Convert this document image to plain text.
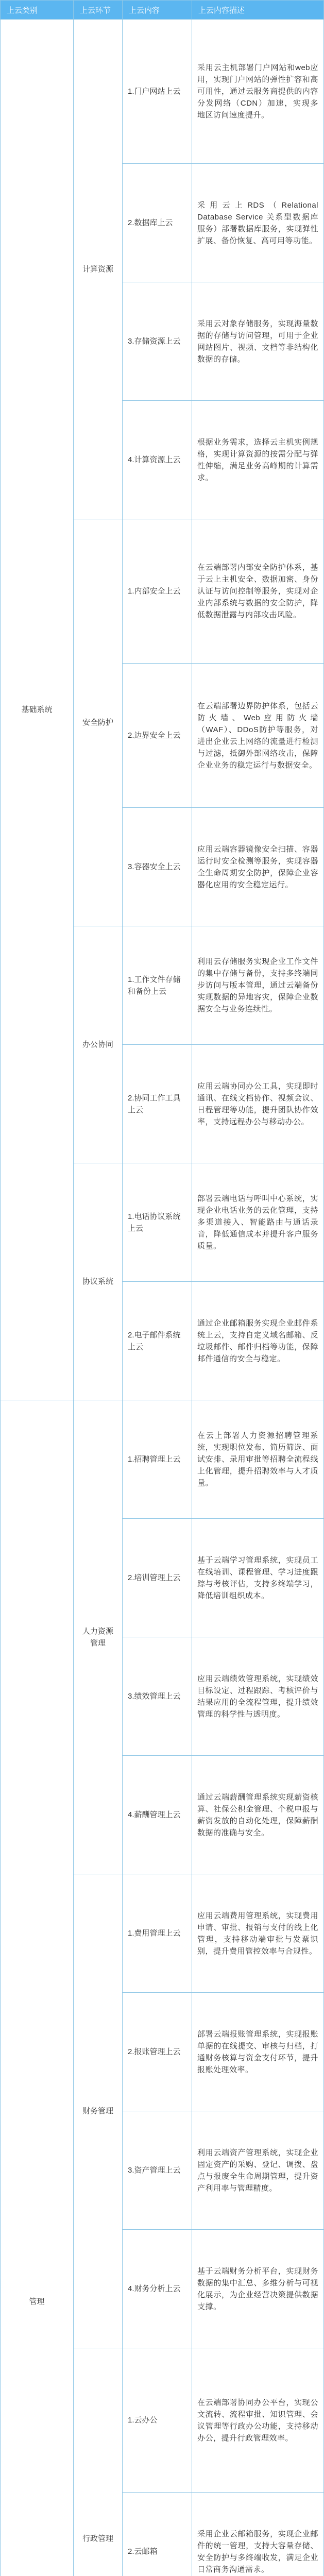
上云类别	上云环节	上云内容	上云内容描述
基础系统	计算资源	1.门户网站上云	采用云主机部署门户网站和web应用，实现门户网站的弹性扩容和高可用性，通过云服务商提供的内容分发网络（CDN）加速，实现多地区访问速度提升。
		2.数据库上云	采用云上RDS（Relational Database Service 关系型数据库服务）部署数据库服务，实现弹性扩展、备份恢复、高可用等功能。
		3.存储资源上云	采用云对象存储服务，实现海量数据的存储与访问管理，可用于企业网站图片、视频、文档等非结构化数据的存储。
		4.计算资源上云	根据业务需求，选择云主机实例规格，实现计算资源的按需分配与弹性伸缩，满足业务高峰期的计算需求。
	安全防护	1.内部安全上云	在云端部署内部安全防护体系，基于云上主机安全、数据加密、身份认证与访问控制等服务，实现对企业内部系统与数据的安全防护，降低数据泄露与内部攻击风险。
		2.边界安全上云	在云端部署边界防护体系，包括云防火墙、Web应用防火墙（WAF）、DDoS防护等服务，对进出企业云上网络的流量进行检测与过滤，抵御外部网络攻击，保障企业业务的稳定运行与数据安全。
		3.容器安全上云	应用云端容器镜像安全扫描、容器运行时安全检测等服务，实现容器全生命周期安全防护，保障企业容器化应用的安全稳定运行。
	办公协同	1.工作文件存储和备份上云	利用云存储服务实现企业工作文件的集中存储与备份，支持多终端同步访问与版本管理，通过云端备份实现数据的异地容灾，保障企业数据安全与业务连续性。
		2.协同工作工具上云	应用云端协同办公工具，实现即时通讯、在线文档协作、视频会议、日程管理等功能，提升团队协作效率，支持远程办公与移动办公。
	协议系统	1.电话协议系统上云	部署云端电话与呼叫中心系统，实现企业电话业务的云化管理，支持多渠道接入、智能路由与通话录音，降低通信成本并提升客户服务质量。
		2.电子邮件系统上云	通过企业邮箱服务实现企业邮件系统上云，支持自定义域名邮箱、反垃圾邮件、邮件归档等功能，保障邮件通信的安全与稳定。
管理	人力资源管理	1.招聘管理上云	在云上部署人力资源招聘管理系统，实现职位发布、简历筛选、面试安排、录用审批等招聘全流程线上化管理，提升招聘效率与人才质量。
		2.培训管理上云	基于云端学习管理系统，实现员工在线培训、课程管理、学习进度跟踪与考核评估，支持多终端学习，降低培训组织成本。
		3.绩效管理上云	应用云端绩效管理系统，实现绩效目标设定、过程跟踪、考核评价与结果应用的全流程管理，提升绩效管理的科学性与透明度。
		4.薪酬管理上云	通过云端薪酬管理系统实现薪资核算、社保公积金管理、个税申报与薪资发放的自动化处理，保障薪酬数据的准确与安全。
	财务管理	1.费用管理上云	应用云端费用管理系统，实现费用申请、审批、报销与支付的线上化管理，支持移动端审批与发票识别，提升费用管控效率与合规性。
		2.报账管理上云	部署云端报账管理系统，实现报账单据的在线提交、审核与归档，打通财务核算与资金支付环节，提升报账处理效率。
		3.资产管理上云	利用云端资产管理系统，实现企业固定资产的采购、登记、调拨、盘点与报废全生命周期管理，提升资产利用率与管理精度。
		4.财务分析上云	基于云端财务分析平台，实现财务数据的集中汇总、多维分析与可视化展示，为企业经营决策提供数据支撑。
	行政管理	1.云办公	在云端部署协同办公平台，实现公文流转、流程审批、知识管理、会议管理等行政办公功能，支持移动办公，提升行政管理效率。
		2.云邮箱	采用企业云邮箱服务，实现企业邮件的统一管理，支持大容量存储、安全防护与多终端收发，满足企业日常商务沟通需求。
